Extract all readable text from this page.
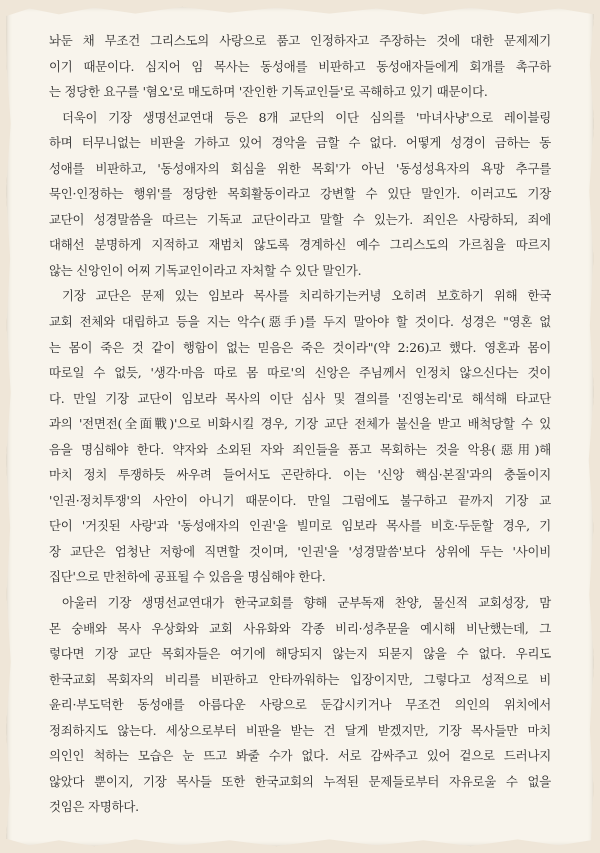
놔둔 채 무조건 그리스도의 사랑으로 품고 인정하자고 주장하는 것에 대한 문제제기
이기 때문이다. 심지어 임 목사는 동성애를 비판하고 동성애자들에게 회개를 촉구하
는 정당한 요구를 '혐오'로 매도하며 '잔인한 기독교인들'로 곡해하고 있기 때문이다.

더욱이 기장 생명선교연대 등은 8개 교단의 이단 심의를 '마녀사냥'으로 레이블링
하며 터무니없는 비판을 가하고 있어 경악을 금할 수 없다. 어떻게 성경이 금하는 동
성애를 비판하고, '동성애자의 회심을 위한 목회'가 아닌 '동성성욕자의 욕망 추구를
묵인·인정하는 행위'를 정당한 목회활동이라고 강변할 수 있단 말인가. 이러고도 기장
교단이 성경말씀을 따르는 기독교 교단이라고 말할 수 있는가. 죄인은 사랑하되, 죄에
대해선 분명하게 지적하고 재범치 않도록 경계하신 예수 그리스도의 가르침을 따르지
않는 신앙인이 어찌 기독교인이라고 자처할 수 있단 말인가.

기장 교단은 문제 있는 임보라 목사를 치리하기는커녕 오히려 보호하기 위해 한국
교회 전체와 대립하고 등을 지는 악수(惡手)를 두지 말아야 할 것이다. 성경은 "영혼 없
는 몸이 죽은 것 같이 행함이 없는 믿음은 죽은 것이라"(약 2:26)고 했다. 영혼과 몸이
따로일 수 없듯, '생각·마음 따로 몸 따로'의 신앙은 주님께서 인정치 않으신다는 것이
다. 만일 기장 교단이 임보라 목사의 이단 심사 및 결의를 '진영논리'로 해석해 타교단
과의 '전면전(全面戰)'으로 비화시킬 경우, 기장 교단 전체가 불신을 받고 배척당할 수 있
음을 명심해야 한다. 약자와 소외된 자와 죄인들을 품고 목회하는 것을 악용(惡用)해
마치 정치 투쟁하듯 싸우려 들어서도 곤란하다. 이는 '신앙 핵심·본질'과의 충돌이지
'인권·정치투쟁'의 사안이 아니기 때문이다. 만일 그럼에도 불구하고 끝까지 기장 교
단이 '거짓된 사랑'과 '동성애자의 인권'을 빌미로 임보라 목사를 비호·두둔할 경우, 기
장 교단은 엄청난 저항에 직면할 것이며, '인권'을 '성경말씀'보다 상위에 두는 '사이비
집단'으로 만천하에 공표될 수 있음을 명심해야 한다.

아울러 기장 생명선교연대가 한국교회를 향해 군부독재 찬양, 물신적 교회성장, 맘
몬 숭배와 목사 우상화와 교회 사유화와 각종 비리·성추문을 예시해 비난했는데, 그
렇다면 기장 교단 목회자들은 여기에 해당되지 않는지 되묻지 않을 수 없다. 우리도
한국교회 목회자의 비리를 비판하고 안타까워하는 입장이지만, 그렇다고 성적으로 비
윤리·부도덕한 동성애를 아름다운 사랑으로 둔갑시키거나 무조건 의인의 위치에서
정죄하지도 않는다. 세상으로부터 비판을 받는 건 달게 받겠지만, 기장 목사들만 마치
의인인 척하는 모습은 눈 뜨고 봐줄 수가 없다. 서로 감싸주고 있어 겉으로 드러나지
않았다 뿐이지, 기장 목사들 또한 한국교회의 누적된 문제들로부터 자유로울 수 없을
것임은 자명하다.
